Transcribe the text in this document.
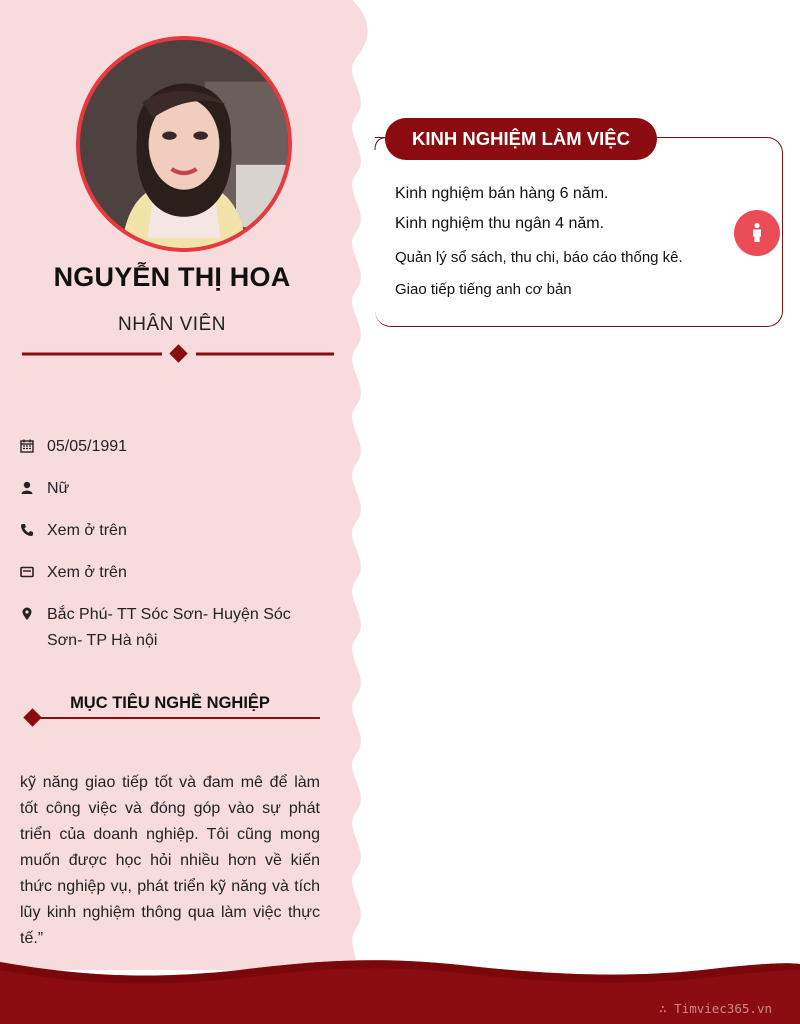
NGUYỄN THỊ HOA
NHÂN VIÊN
05/05/1991
Nữ
Xem ở trên
Xem ở trên
Bắc Phú- TT Sóc Sơn- Huyện Sóc Sơn- TP Hà nội
MỤC TIÊU NGHỀ NGHIỆP
kỹ năng giao tiếp tốt và đam mê để làm tốt công việc và đóng góp vào sự phát triển của doanh nghiệp. Tôi cũng mong muốn được học hỏi nhiều hơn về kiến thức nghiệp vụ, phát triển kỹ năng và tích lũy kinh nghiệm thông qua làm việc thực tế.”
KINH NGHIỆM LÀM VIỆC
Kinh nghiệm bán hàng 6 năm.
Kinh nghiệm thu ngân 4 năm.
Quản lý sổ sách, thu chi, báo cáo thống kê.
Giao tiếp tiếng anh cơ bản
∴ Timviec365.vn
